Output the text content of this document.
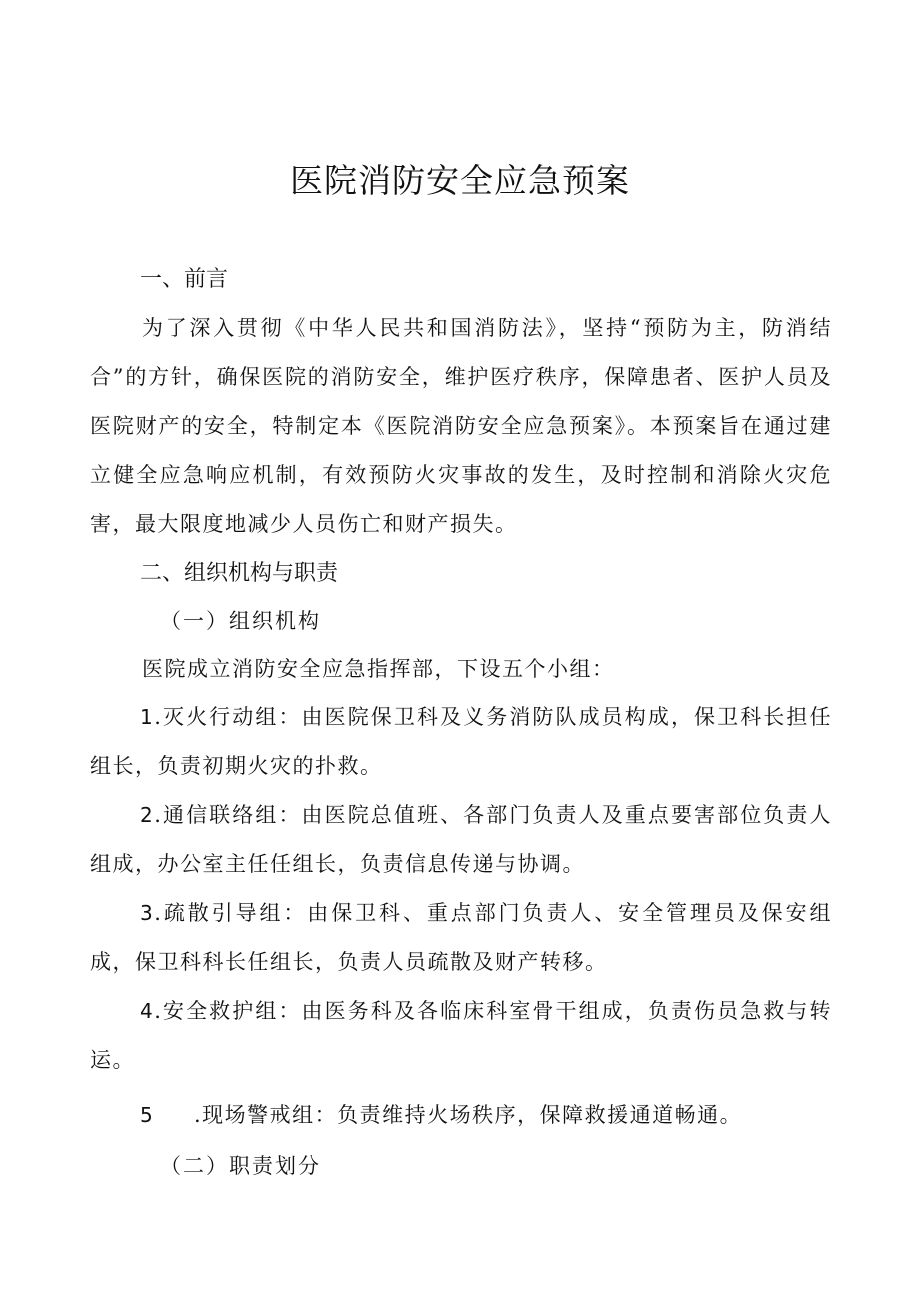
医院消防安全应急预案
一、前言
为了深入贯彻《中华人民共和国消防法》，坚持“预防为主，防消结合”的方针，确保医院的消防安全，维护医疗秩序，保障患者、医护人员及医院财产的安全，特制定本《医院消防安全应急预案》。本预案旨在通过建立健全应急响应机制，有效预防火灾事故的发生，及时控制和消除火灾危害，最大限度地减少人员伤亡和财产损失。
二、组织机构与职责
（一）组织机构
医院成立消防安全应急指挥部，下设五个小组：
1.灭火行动组：由医院保卫科及义务消防队成员构成，保卫科长担任组长，负责初期火灾的扑救。
2.通信联络组：由医院总值班、各部门负责人及重点要害部位负责人组成，办公室主任任组长，负责信息传递与协调。
3.疏散引导组：由保卫科、重点部门负责人、安全管理员及保安组成，保卫科科长任组长，负责人员疏散及财产转移。
4.安全救护组：由医务科及各临床科室骨干组成，负责伤员急救与转运。
5 .现场警戒组：负责维持火场秩序，保障救援通道畅通。
（二）职责划分
